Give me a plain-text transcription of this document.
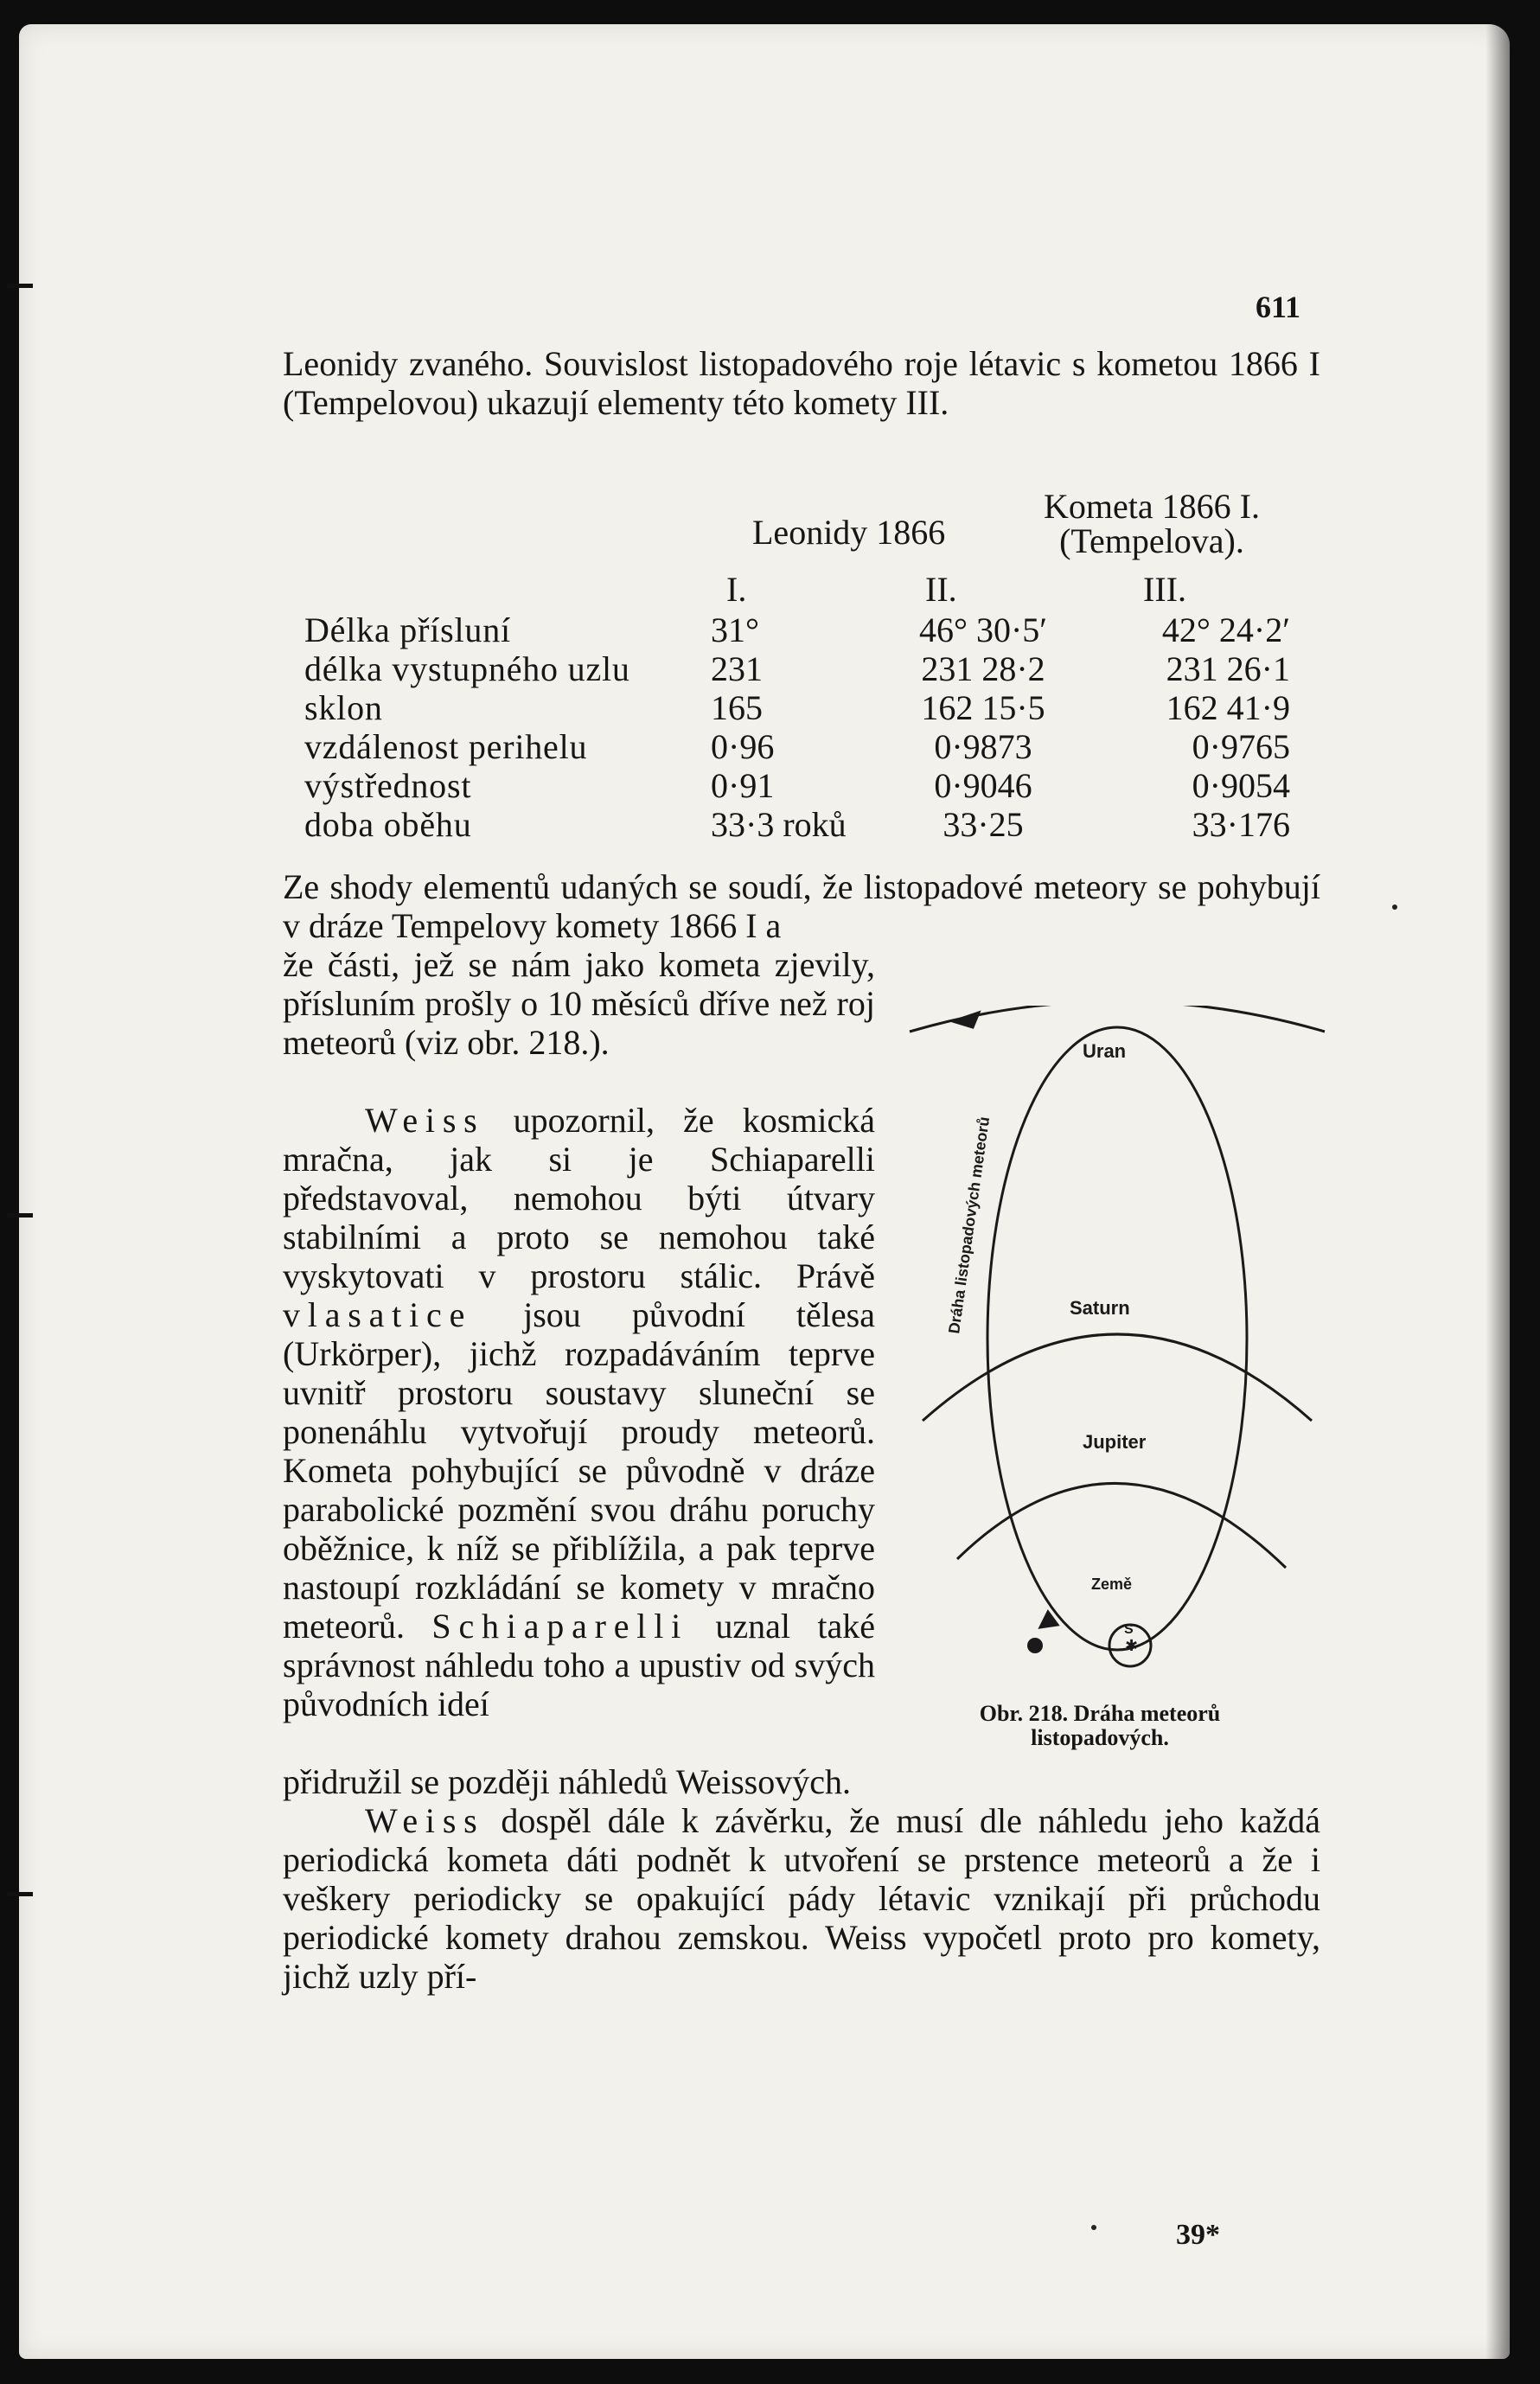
611

Leonidy zvaného. Souvislost listopadového roje létavic s kometou 1866 I (Tempelovou) ukazují elementy této komety III.

Leonidy 1866
Kometa 1866 I.
(Tempelova).
I.	II.	III.
Délka přísluní	31°	46° 30·5′	42° 24·2′
délka vystupného uzlu	231	231 28·2	231 26·1
sklon	165	162 15·5	162 41·9
vzdálenost perihelu	0·96	0·9873	0·9765
výstřednost	0·91	0·9046	0·9054
doba oběhu	33·3 roků	33·25	33·176

Ze shody elementů udaných se soudí, že listopadové meteory se pohybují v dráze Tempelovy komety 1866 I a

že části, jež se nám jako kometa zjevily, přísluním prošly o 10 měsíců dříve než roj meteorů (viz obr. 218.).

Weiss upozornil, že kosmická mračna, jak si je Schiaparelli představoval, nemohou býti útvary stabilními a proto se nemohou také vyskytovati v prostoru stálic. Právě vlasatice jsou původní tělesa (Urkörper), jichž rozpadáváním teprve uvnitř prostoru soustavy sluneční se ponenáhlu vytvořují proudy meteorů. Kometa pohybující se původně v dráze parabolické pozmění svou dráhu poruchy oběžnice, k níž se přiblížila, a pak teprve nastoupí rozkládání se komety v mračno meteorů. Schiaparelli uznal také správnost náhledu toho a upustiv od svých původních ideí

přidružil se později náhledů Weissových.

Weiss dospěl dále k závěrku, že musí dle náhledu jeho každá periodická kometa dáti podnět k utvoření se prstence meteorů a že i veškery periodicky se opakující pády létavic vznikají při průchodu periodické komety drahou zemskou. Weiss vypočetl proto pro komety, jichž uzly pří-

Uran
Saturn
Jupiter
Země
S
✱
Dráha listopadových meteorů
Obr. 218. Dráha meteorů
listopadových.
39*
